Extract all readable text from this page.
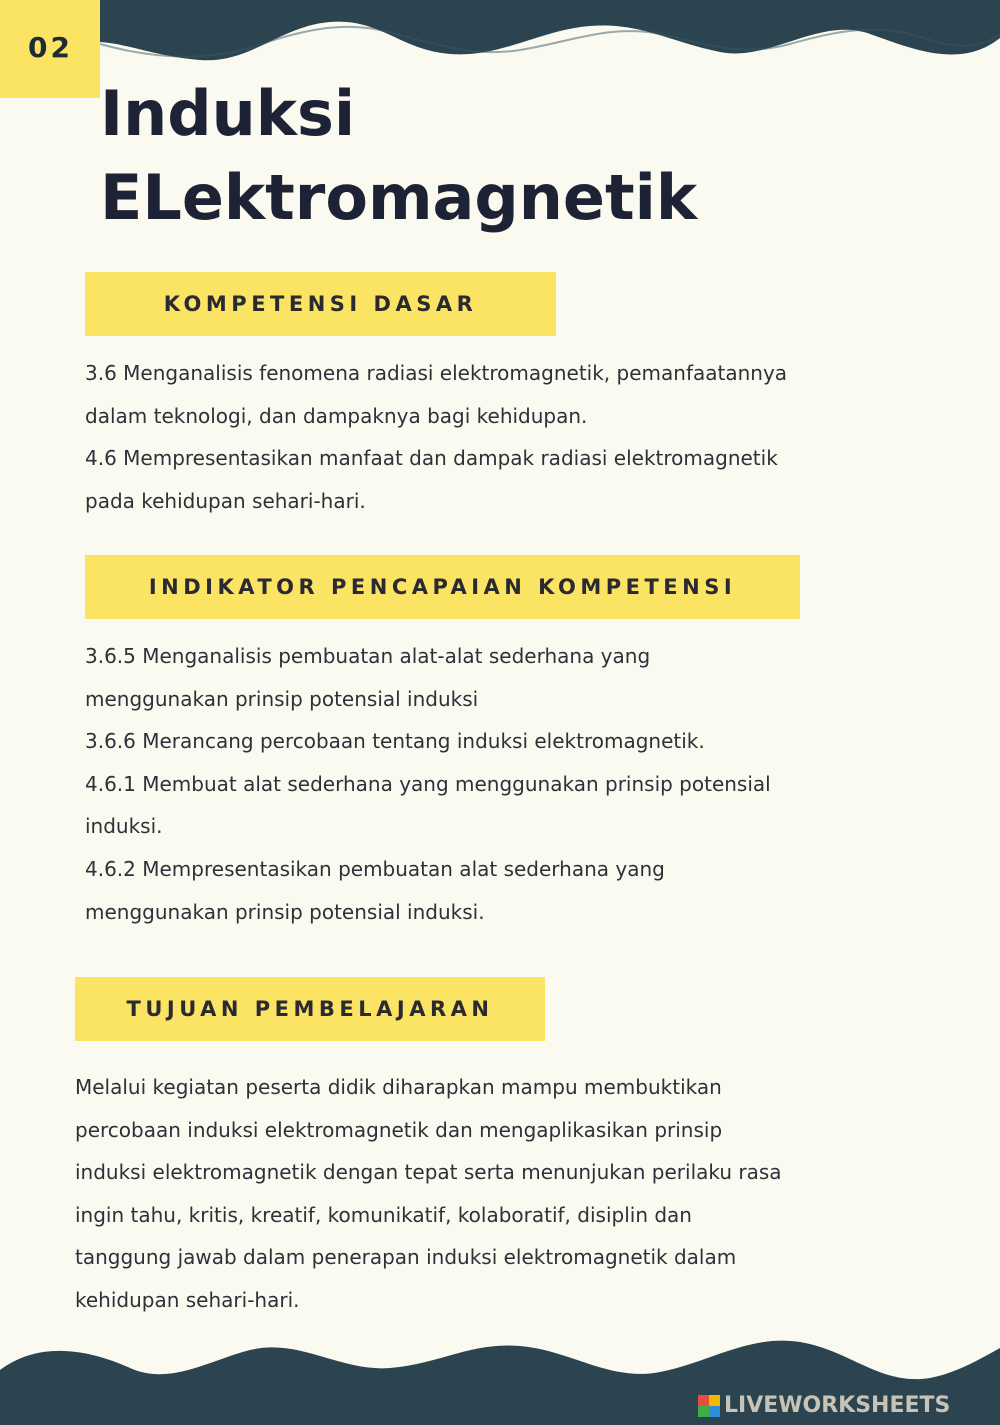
02
Induksi
ELektromagnetik
KOMPETENSI DASAR
3.6 Menganalisis fenomena radiasi elektromagnetik, pemanfaatannya
dalam teknologi, dan dampaknya bagi kehidupan.
4.6 Mempresentasikan manfaat dan dampak radiasi elektromagnetik
pada kehidupan sehari-hari.
INDIKATOR PENCAPAIAN KOMPETENSI
3.6.5 Menganalisis pembuatan alat-alat sederhana yang
menggunakan prinsip potensial induksi
3.6.6 Merancang percobaan tentang induksi elektromagnetik.
4.6.1 Membuat alat sederhana yang menggunakan prinsip potensial
induksi.
4.6.2 Mempresentasikan pembuatan alat sederhana yang
menggunakan prinsip potensial induksi.
TUJUAN PEMBELAJARAN
Melalui kegiatan peserta didik diharapkan mampu membuktikan
percobaan induksi elektromagnetik dan mengaplikasikan prinsip
induksi elektromagnetik dengan tepat serta menunjukan perilaku rasa
ingin tahu, kritis, kreatif, komunikatif, kolaboratif, disiplin dan
tanggung jawab dalam penerapan induksi elektromagnetik dalam
kehidupan sehari-hari.
LIVEWORKSHEETS
